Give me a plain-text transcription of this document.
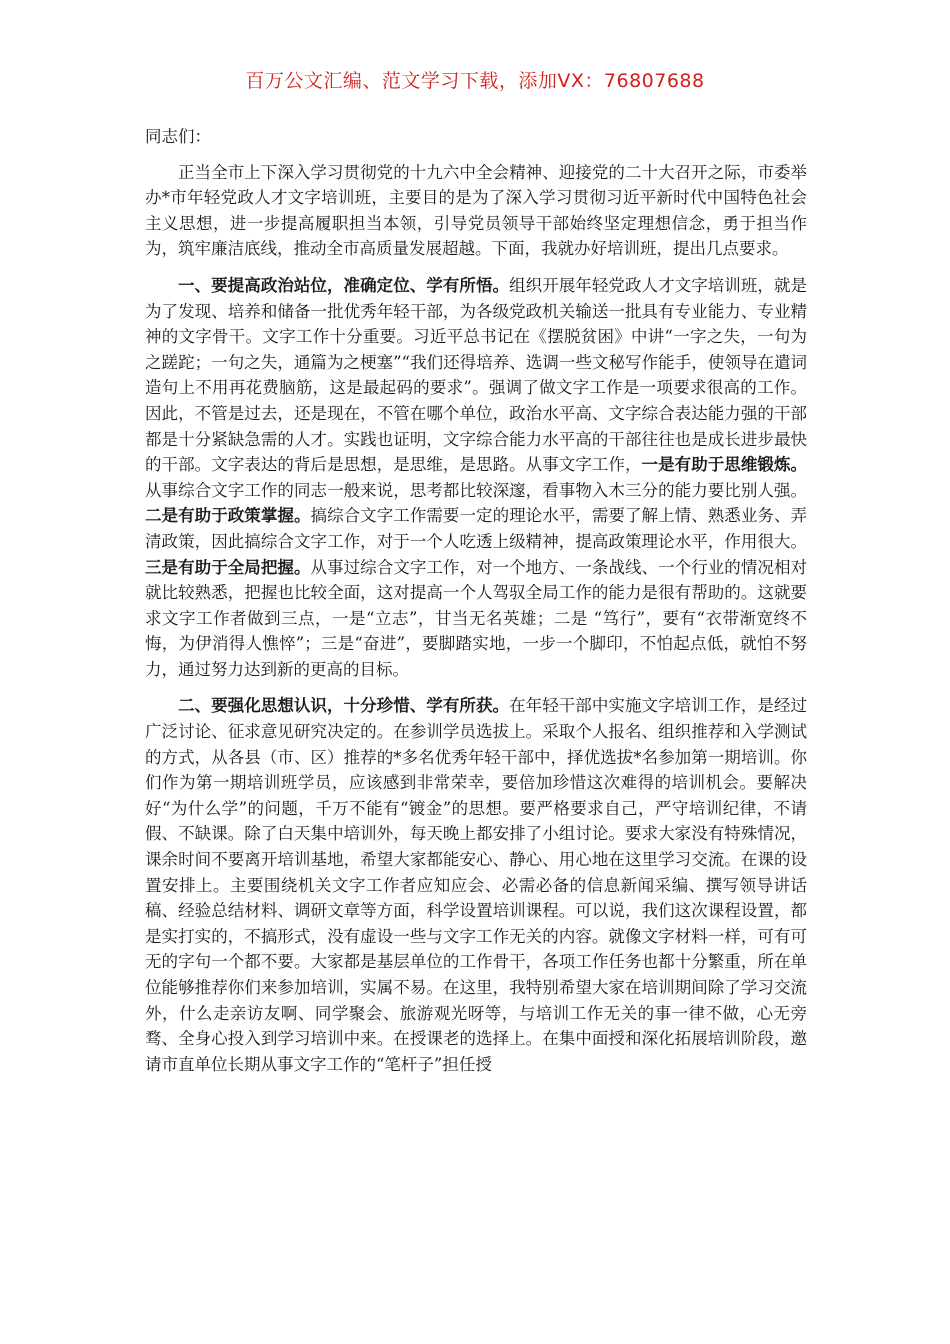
百万公文汇编、范文学习下载，添加VX：76807688

同志们：

正当全市上下深入学习贯彻党的十九六中全会精神、迎接党的二十大召开之际，市委举办*市年轻党政人才文字培训班，主要目的是为了深入学习贯彻习近平新时代中国特色社会主义思想，进一步提高履职担当本领，引导党员领导干部始终坚定理想信念，勇于担当作为，筑牢廉洁底线，推动全市高质量发展超越。下面，我就办好培训班，提出几点要求。

一、要提高政治站位，准确定位、学有所悟。组织开展年轻党政人才文字培训班，就是为了发现、培养和储备一批优秀年轻干部，为各级党政机关输送一批具有专业能力、专业精神的文字骨干。文字工作十分重要。习近平总书记在《摆脱贫困》中讲“一字之失，一句为之蹉跎；一句之失，通篇为之梗塞”“我们还得培养、选调一些文秘写作能手，使领导在遣词造句上不用再花费脑筋，这是最起码的要求”。强调了做文字工作是一项要求很高的工作。因此，不管是过去，还是现在，不管在哪个单位，政治水平高、文字综合表达能力强的干部都是十分紧缺急需的人才。实践也证明，文字综合能力水平高的干部往往也是成长进步最快的干部。文字表达的背后是思想，是思维，是思路。从事文字工作，一是有助于思维锻炼。从事综合文字工作的同志一般来说，思考都比较深邃，看事物入木三分的能力要比别人强。二是有助于政策掌握。搞综合文字工作需要一定的理论水平，需要了解上情、熟悉业务、弄清政策，因此搞综合文字工作，对于一个人吃透上级精神，提高政策理论水平，作用很大。三是有助于全局把握。从事过综合文字工作，对一个地方、一条战线、一个行业的情况相对就比较熟悉，把握也比较全面，这对提高一个人驾驭全局工作的能力是很有帮助的。这就要求文字工作者做到三点，一是“立志”，甘当无名英雄；二是 “笃行”，要有“衣带渐宽终不悔，为伊消得人憔悴”；三是“奋进”，要脚踏实地，一步一个脚印，不怕起点低，就怕不努力，通过努力达到新的更高的目标。

二、要强化思想认识，十分珍惜、学有所获。在年轻干部中实施文字培训工作，是经过广泛讨论、征求意见研究决定的。在参训学员选拔上。采取个人报名、组织推荐和入学测试的方式，从各县（市、区）推荐的*多名优秀年轻干部中，择优选拔*名参加第一期培训。你们作为第一期培训班学员，应该感到非常荣幸，要倍加珍惜这次难得的培训机会。要解决好“为什么学”的问题，千万不能有“镀金”的思想。要严格要求自己，严守培训纪律，不请假、不缺课。除了白天集中培训外，每天晚上都安排了小组讨论。要求大家没有特殊情况，课余时间不要离开培训基地，希望大家都能安心、静心、用心地在这里学习交流。在课的设置安排上。主要围绕机关文字工作者应知应会、必需必备的信息新闻采编、撰写领导讲话稿、经验总结材料、调研文章等方面，科学设置培训课程。可以说，我们这次课程设置，都是实打实的，不搞形式，没有虚设一些与文字工作无关的内容。就像文字材料一样，可有可无的字句一个都不要。大家都是基层单位的工作骨干，各项工作任务也都十分繁重，所在单位能够推荐你们来参加培训，实属不易。在这里，我特别希望大家在培训期间除了学习交流外，什么走亲访友啊、同学聚会、旅游观光呀等，与培训工作无关的事一律不做，心无旁骛、全身心投入到学习培训中来。在授课老的选择上。在集中面授和深化拓展培训阶段，邀请市直单位长期从事文字工作的“笔杆子”担任授
